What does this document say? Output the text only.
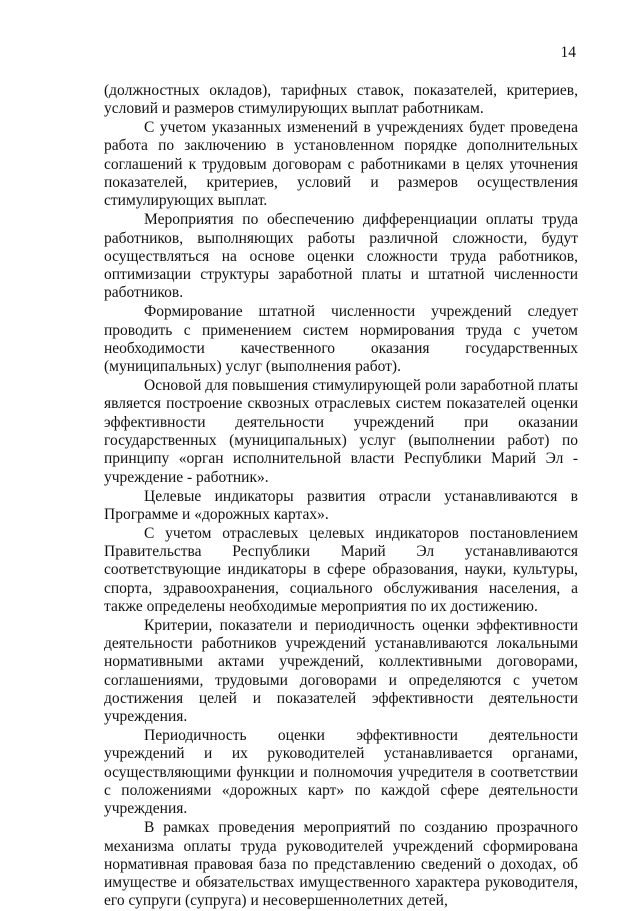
14

(должностных окладов), тарифных ставок, показателей, критериев, условий и размеров стимулирующих выплат работникам.

С учетом указанных изменений в учреждениях будет проведена работа по заключению в установленном порядке дополнительных соглашений к трудовым договорам с работниками в целях уточнения показателей, критериев, условий и размеров осуществления стимулирующих выплат.

Мероприятия по обеспечению дифференциации оплаты труда работников, выполняющих работы различной сложности, будут осуществляться на основе оценки сложности труда работников, оптимизации структуры заработной платы и штатной численности работников.

Формирование штатной численности учреждений следует проводить с применением систем нормирования труда с учетом необходимости качественного оказания государственных (муниципальных) услуг (выполнения работ).

Основой для повышения стимулирующей роли заработной платы является построение сквозных отраслевых систем показателей оценки эффективности деятельности учреждений при оказании государственных (муниципальных) услуг (выполнении работ) по принципу «орган исполнительной власти Республики Марий Эл - учреждение - работник».

Целевые индикаторы развития отрасли устанавливаются в Программе и «дорожных картах».

С учетом отраслевых целевых индикаторов постановлением Правительства Республики Марий Эл устанавливаются соответствующие индикаторы в сфере образования, науки, культуры, спорта, здравоохранения, социального обслуживания населения, а также определены необходимые мероприятия по их достижению.

Критерии, показатели и периодичность оценки эффективности деятельности работников учреждений устанавливаются локальными нормативными актами учреждений, коллективными договорами, соглашениями, трудовыми договорами и определяются с учетом достижения целей и показателей эффективности деятельности учреждения.

Периодичность оценки эффективности деятельности учреждений и их руководителей устанавливается органами, осуществляющими функции и полномочия учредителя в соответствии с положениями «дорожных карт» по каждой сфере деятельности учреждения.

В рамках проведения мероприятий по созданию прозрачного механизма оплаты труда руководителей учреждений сформирована нормативная правовая база по представлению сведений о доходах, об имуществе и обязательствах имущественного характера руководителя, его супруги (супруга) и несовершеннолетних детей,
